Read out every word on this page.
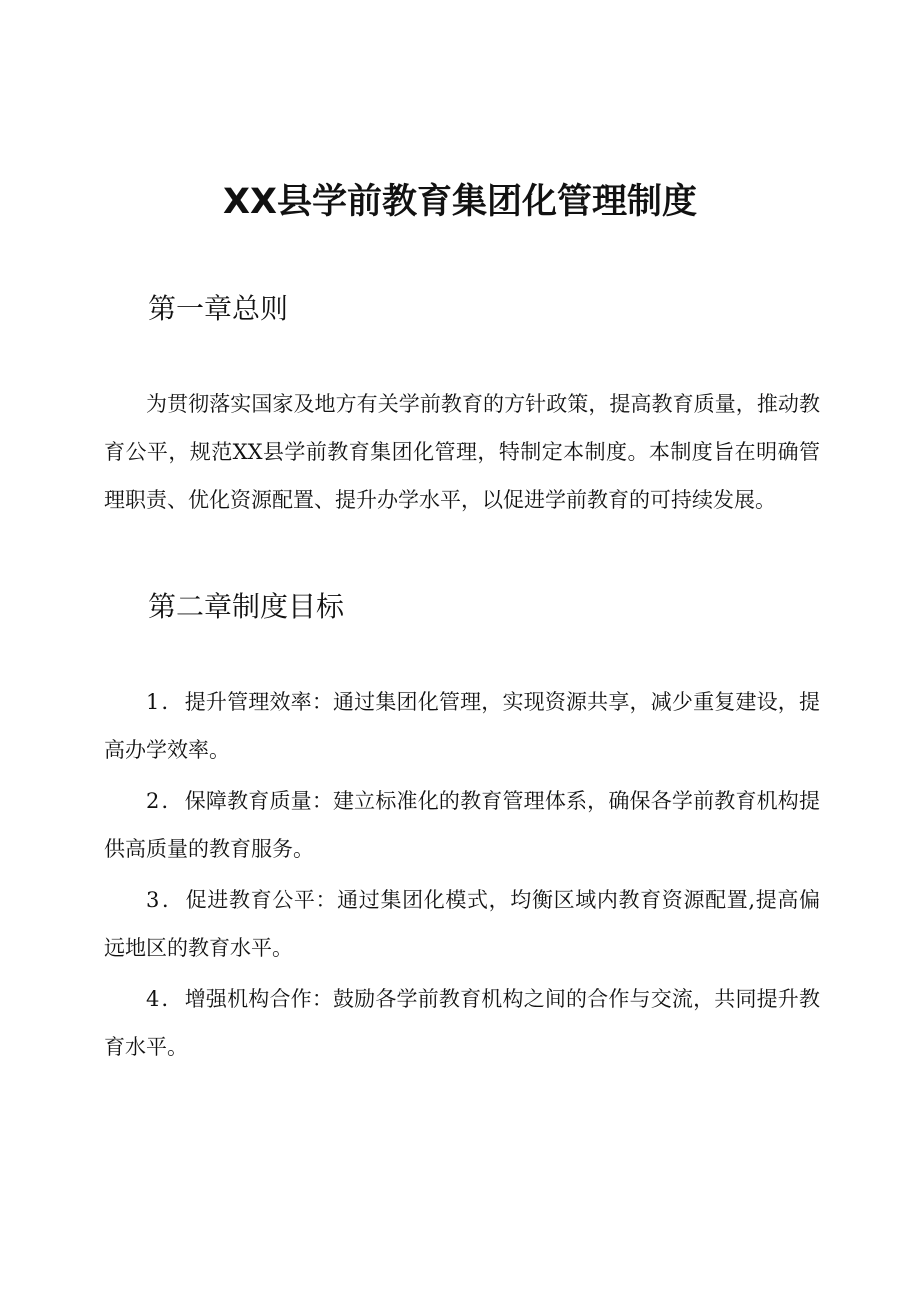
XX县学前教育集团化管理制度
第一章总则

为贯彻落实国家及地方有关学前教育的方针政策，提高教育质量，推动教育公平，规范XX县学前教育集团化管理，特制定本制度。本制度旨在明确管理职责、优化资源配置、提升办学水平，以促进学前教育的可持续发展。

第二章制度目标
1．提升管理效率：通过集团化管理，实现资源共享，减少重复建设，提高办学效率。
2．保障教育质量：建立标准化的教育管理体系，确保各学前教育机构提供高质量的教育服务。
3．促进教育公平：通过集团化模式，均衡区域内教育资源配置,提高偏远地区的教育水平。
4．增强机构合作：鼓励各学前教育机构之间的合作与交流，共同提升教育水平。
